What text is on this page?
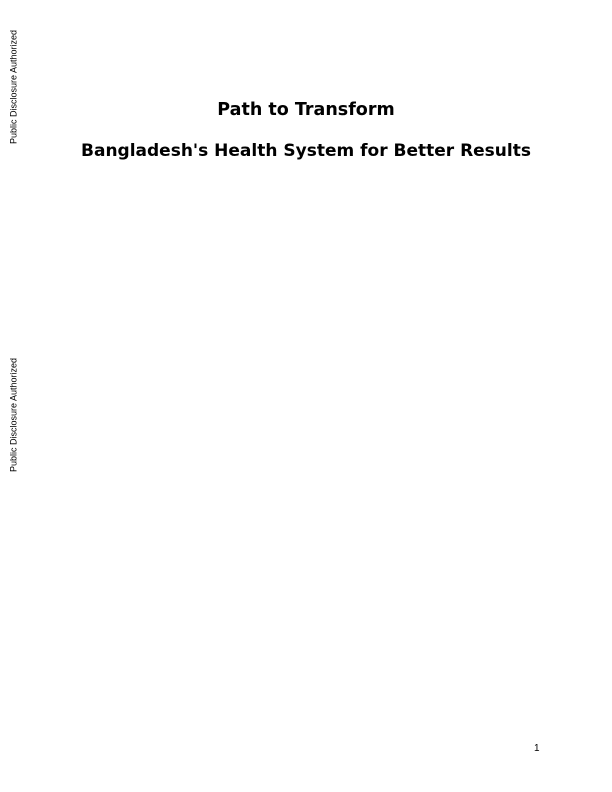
Public Disclosure Authorized
Public Disclosure Authorized
Path to Transform
Bangladesh's Health System for Better Results
1
